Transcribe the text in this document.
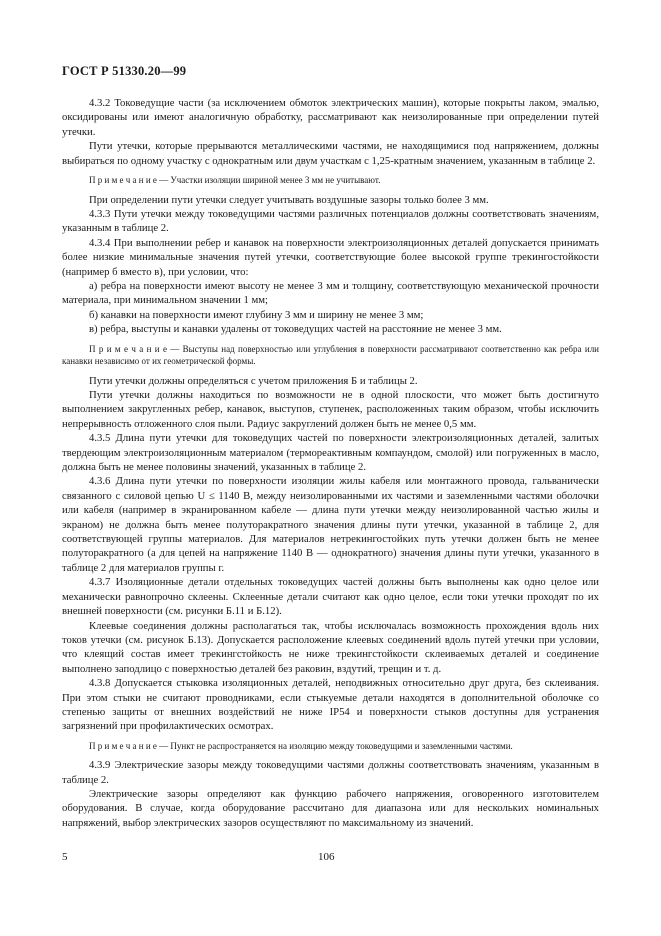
ГОСТ Р 51330.20—99

4.3.2 Токоведущие части (за исключением обмоток электрических машин), которые покрыты лаком, эмалью, оксидированы или имеют аналогичную обработку, рассматривают как неизолированные при определении путей утечки.

Пути утечки, которые прерываются металлическими частями, не находящимися под напряжением, должны выбираться по одному участку с однократным или двум участкам с 1,25-кратным значением, указанным в таблице 2.

П р и м е ч а н и е — Участки изоляции шириной менее 3 мм не учитывают.

При определении пути утечки следует учитывать воздушные зазоры только более 3 мм.

4.3.3 Пути утечки между токоведущими частями различных потенциалов должны соответствовать значениям, указанным в таблице 2.

4.3.4 При выполнении ребер и канавок на поверхности электроизоляционных деталей допускается принимать более низкие минимальные значения путей утечки, соответствующие более высокой группе трекингостойкости (например б вместо в), при условии, что:

а) ребра на поверхности имеют высоту не менее 3 мм и толщину, соответствующую механической прочности материала, при минимальном значении 1 мм;

б) канавки на поверхности имеют глубину 3 мм и ширину не менее 3 мм;

в) ребра, выступы и канавки удалены от токоведущих частей на расстояние не менее 3 мм.

П р и м е ч а н и е — Выступы над поверхностью или углубления в поверхности рассматривают соответственно как ребра или канавки независимо от их геометрической формы.

Пути утечки должны определяться с учетом приложения Б и таблицы 2.

Пути утечки должны находиться по возможности не в одной плоскости, что может быть достигнуто выполнением закругленных ребер, канавок, выступов, ступенек, расположенных таким образом, чтобы исключить непрерывность отложенного слоя пыли. Радиус закруглений должен быть не менее 0,5 мм.

4.3.5 Длина пути утечки для токоведущих частей по поверхности электроизоляционных деталей, залитых твердеющим электроизоляционным материалом (термореактивным компаундом, смолой) или погруженных в масло, должна быть не менее половины значений, указанных в таблице 2.

4.3.6 Длина пути утечки по поверхности изоляции жилы кабеля или монтажного провода, гальванически связанного с силовой цепью U ≤ 1140 В, между неизолированными их частями и заземленными частями оболочки или кабеля (например в экранированном кабеле — длина пути утечки между неизолированной частью жилы и экраном) не должна быть менее полуторакратного значения длины пути утечки, указанной в таблице 2, для соответствующей группы материалов. Для материалов нетрекингостойких путь утечки должен быть не менее полуторакратного (а для цепей на напряжение 1140 В — однократного) значения длины пути утечки, указанного в таблице 2 для материалов группы г.

4.3.7 Изоляционные детали отдельных токоведущих частей должны быть выполнены как одно целое или механически равнопрочно склеены. Склеенные детали считают как одно целое, если токи утечки проходят по их внешней поверхности (см. рисунки Б.11 и Б.12).

Клеевые соединения должны располагаться так, чтобы исключалась возможность прохождения вдоль них токов утечки (см. рисунок Б.13). Допускается расположение клеевых соединений вдоль путей утечки при условии, что клеящий состав имеет трекингстойкость не ниже трекингстойкости склеиваемых деталей и соединение выполнено заподлицо с поверхностью деталей без раковин, вздутий, трещин и т. д.

4.3.8 Допускается стыковка изоляционных деталей, неподвижных относительно друг друга, без склеивания. При этом стыки не считают проводниками, если стыкуемые детали находятся в дополнительной оболочке со степенью защиты от внешних воздействий не ниже IP54 и поверхности стыков доступны для устранения загрязнений при профилактических осмотрах.

П р и м е ч а н и е — Пункт не распространяется на изоляцию между токоведущими и заземленными частями.

4.3.9 Электрические зазоры между токоведущими частями должны соответствовать значениям, указанным в таблице 2.

Электрические зазоры определяют как функцию рабочего напряжения, оговоренного изготовителем оборудования. В случае, когда оборудование рассчитано для диапазона или для нескольких номинальных напряжений, выбор электрических зазоров осуществляют по максимальному из значений.

5	106
